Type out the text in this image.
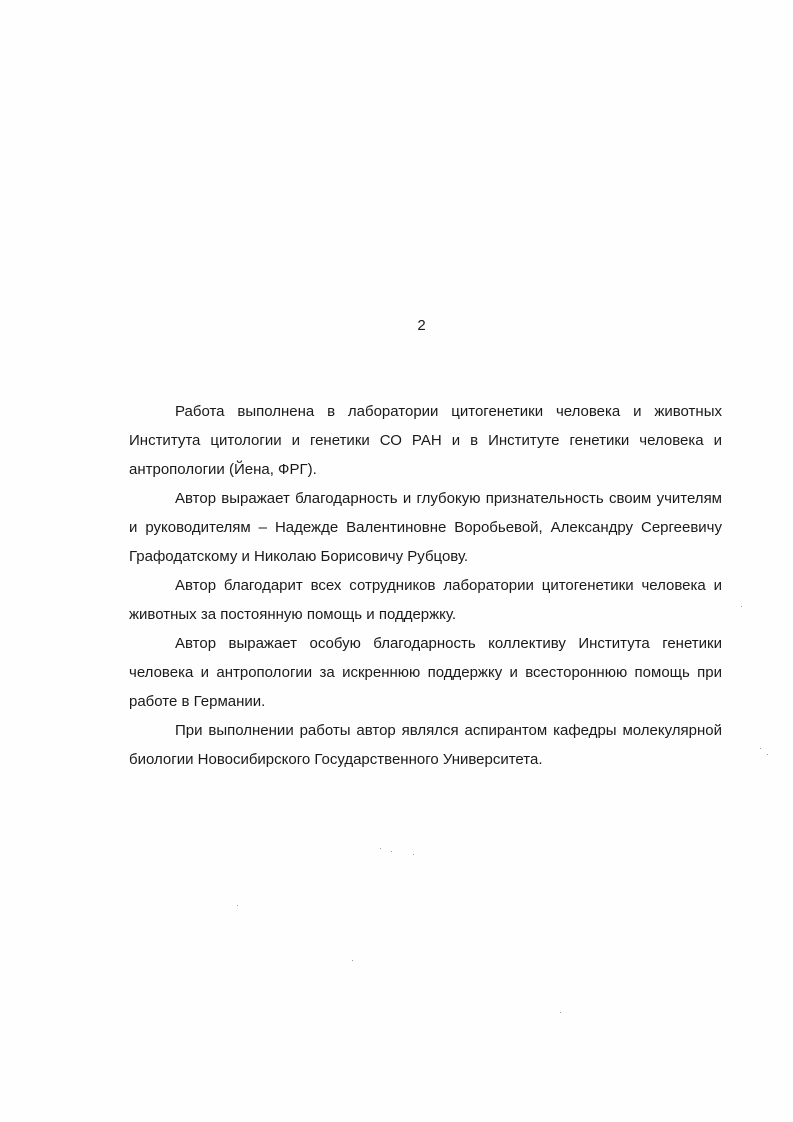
2

Работа выполнена в лаборатории цитогенетики человека и животных Института цитологии и генетики СО РАН и в Институте генетики человека и антропологии (Йена, ФРГ).

Автор выражает благодарность и глубокую признательность своим учителям и руководителям – Надежде Валентиновне Воробьевой, Александру Сергеевичу Графодатскому и Николаю Борисовичу Рубцову.

Автор благодарит всех сотрудников лаборатории цитогенетики человека и животных за постоянную помощь и поддержку.

Автор выражает особую благодарность коллективу Института генетики человека и антропологии за искреннюю поддержку и всестороннюю помощь при работе в Германии.

При выполнении работы автор являлся аспирантом кафедры молекулярной биологии Новосибирского Государственного Университета.
